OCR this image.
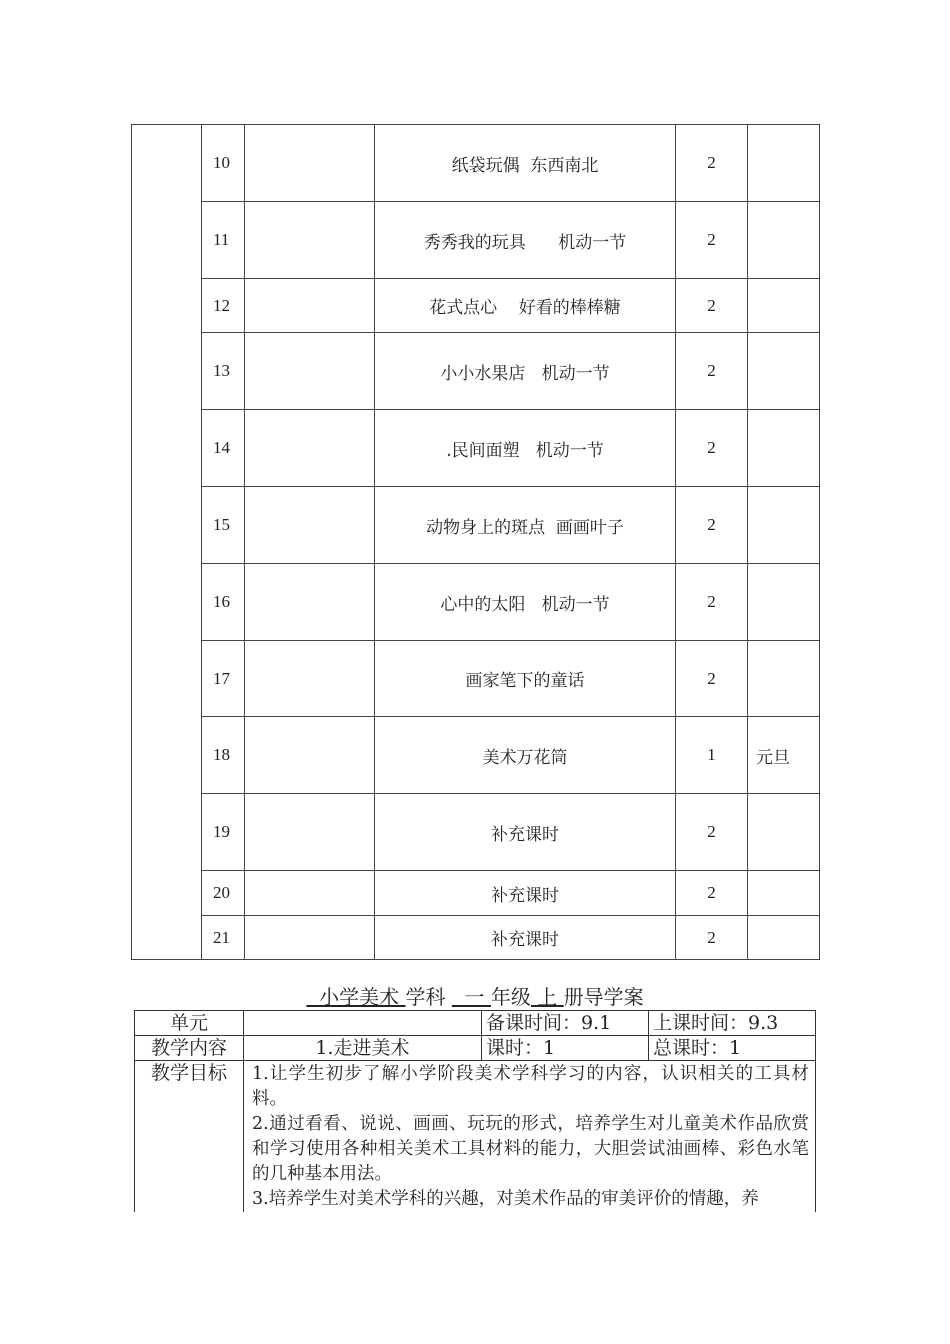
	10		纸袋玩偶  东西南北	2	
	11		秀秀我的玩具      机动一节	2	
	12		花式点心    好看的棒棒糖	2	
	13		小小水果店   机动一节	2	
	14		.民间面塑   机动一节	2	
	15		动物身上的斑点  画画叶子	2	
	16		心中的太阳   机动一节	2	
	17		画家笔下的童话	2	
	18		美术万花筒	1	元旦
	19		补充课时	2	
	20		补充课时	2	
	21		补充课时	2	
小学美术 学科 一 年级 上 册导学案
单元		备课时间：9.1	上课时间：9.3
教学内容	1.走进美术	课时：1	总课时：1
教学目标	1.让学生初步了解小学阶段美术学科学习的内容，认识相关的工具材料。
2.通过看看、说说、画画、玩玩的形式，培养学生对儿童美术作品欣赏和学习使用各种相关美术工具材料的能力，大胆尝试油画棒、彩色水笔的几种基本用法。
3.培养学生对美术学科的兴趣，对美术作品的审美评价的情趣，养		
